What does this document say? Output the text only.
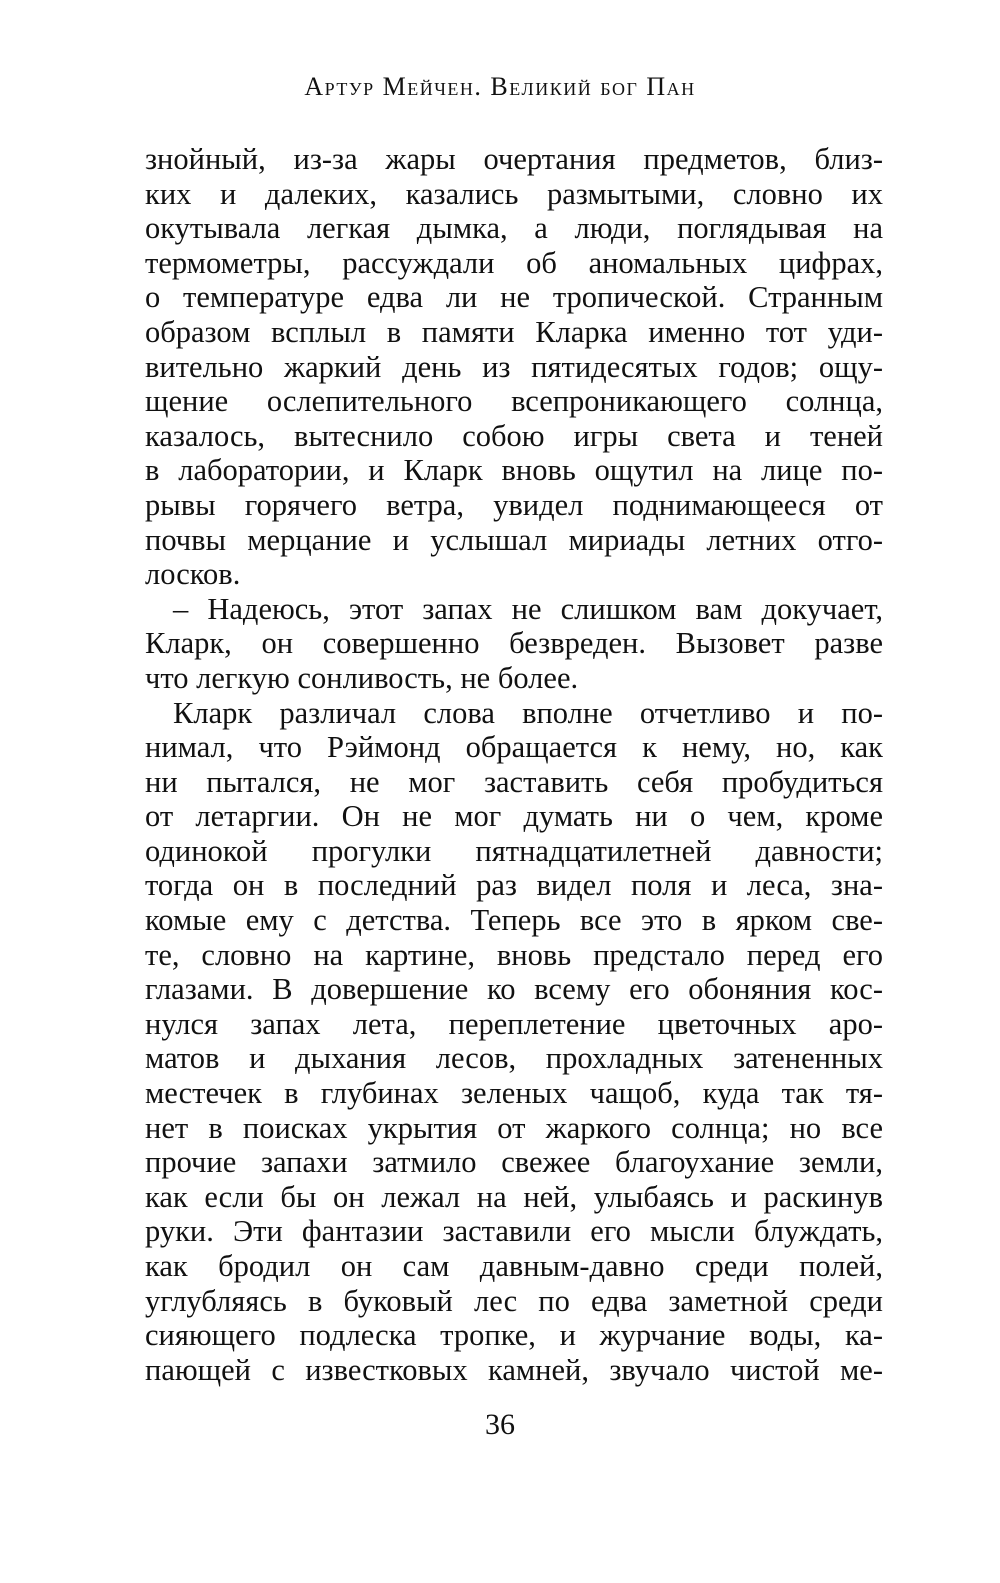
Артур Мейчен. Великий бог Пан
знойный, из-за жары очертания предметов, близ-
ких и далеких, казались размытыми, словно их
окутывала легкая дымка, а люди, поглядывая на
термометры, рассуждали об аномальных цифрах,
о температуре едва ли не тропической. Странным
образом всплыл в памяти Кларка именно тот уди-
вительно жаркий день из пятидесятых годов; ощу-
щение ослепительного всепроникающего солнца,
казалось, вытеснило собою игры света и теней
в лаборатории, и Кларк вновь ощутил на лице по-
рывы горячего ветра, увидел поднимающееся от
почвы мерцание и услышал мириады летних отго-
лосков.
– Надеюсь, этот запах не слишком вам докучает,
Кларк, он совершенно безвреден. Вызовет разве
что легкую сонливость, не более.
Кларк различал слова вполне отчетливо и по-
нимал, что Рэймонд обращается к нему, но, как
ни пытался, не мог заставить себя пробудиться
от летаргии. Он не мог думать ни о чем, кроме
одинокой прогулки пятнадцатилетней давности;
тогда он в последний раз видел поля и леса, зна-
комые ему с детства. Теперь все это в ярком све-
те, словно на картине, вновь предстало перед его
глазами. В довершение ко всему его обоняния кос-
нулся запах лета, переплетение цветочных аро-
матов и дыхания лесов, прохладных затененных
местечек в глубинах зеленых чащоб, куда так тя-
нет в поисках укрытия от жаркого солнца; но все
прочие запахи затмило свежее благоухание земли,
как если бы он лежал на ней, улыбаясь и раскинув
руки. Эти фантазии заставили его мысли блуждать,
как бродил он сам давным-давно среди полей,
углубляясь в буковый лес по едва заметной среди
сияющего подлеска тропке, и журчание воды, ка-
пающей с известковых камней, звучало чистой ме-
36
